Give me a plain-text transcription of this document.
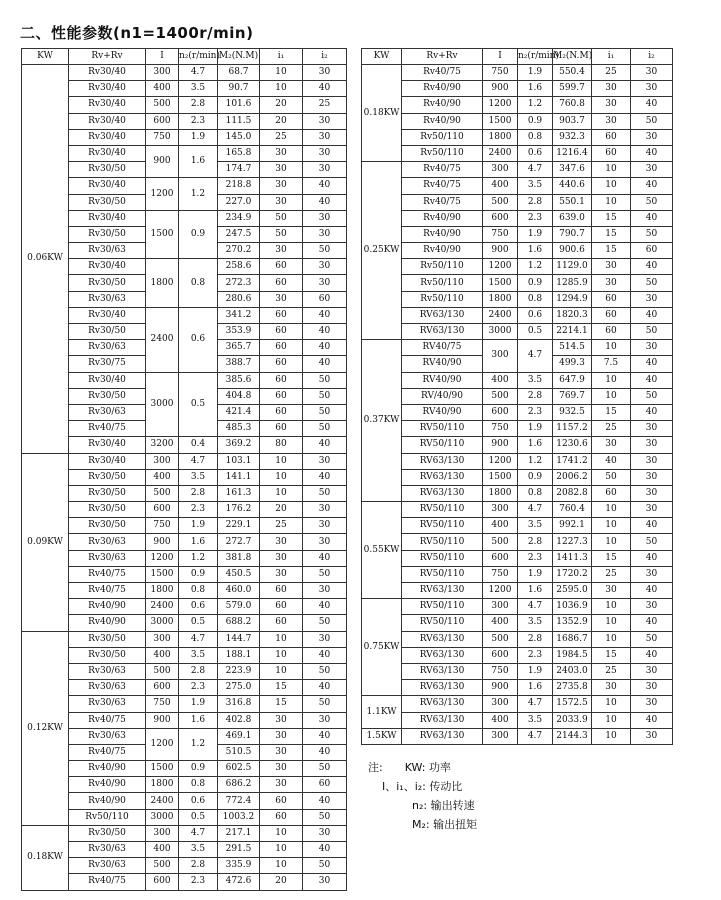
二、性能参数(n1=1400r/min)
KW	Rv+Rv	I	n₂(r/min)	M₂(N.M)	i₁	i₂
0.06KW	Rv30/40	300	4.7	68.7	10	30
	Rv30/40	400	3.5	90.7	10	40
	Rv30/40	500	2.8	101.6	20	25
	Rv30/40	600	2.3	111.5	20	30
	Rv30/40	750	1.9	145.0	25	30
	Rv30/40	900	1.6	165.8	30	30
	Rv30/50			174.7	30	30
	Rv30/40	1200	1.2	218.8	30	40
	Rv30/50			227.0	30	40
	Rv30/40	1500	0.9	234.9	50	30
	Rv30/50			247.5	50	30
	Rv30/63			270.2	30	50
	Rv30/40	1800	0.8	258.6	60	30
	Rv30/50			272.3	60	30
	Rv30/63			280.6	30	60
	Rv30/40	2400	0.6	341.2	60	40
	Rv30/50			353.9	60	40
	Rv30/63			365.7	60	40
	Rv30/75			388.7	60	40
	Rv30/40	3000	0.5	385.6	60	50
	Rv30/50			404.8	60	50
	Rv30/63			421.4	60	50
	Rv40/75			485.3	60	50
	Rv30/40	3200	0.4	369.2	80	40
0.09KW	Rv30/40	300	4.7	103.1	10	30
	Rv30/50	400	3.5	141.1	10	40
	Rv30/50	500	2.8	161.3	10	50
	Rv30/50	600	2.3	176.2	20	30
	Rv30/50	750	1.9	229.1	25	30
	Rv30/63	900	1.6	272.7	30	30
	Rv30/63	1200	1.2	381.8	30	40
	Rv40/75	1500	0.9	450.5	30	50
	Rv40/75	1800	0.8	460.0	60	30
	Rv40/90	2400	0.6	579.0	60	40
	Rv40/90	3000	0.5	688.2	60	50
0.12KW	Rv30/50	300	4.7	144.7	10	30
	Rv30/50	400	3.5	188.1	10	40
	Rv30/63	500	2.8	223.9	10	50
	Rv30/63	600	2.3	275.0	15	40
	Rv30/63	750	1.9	316.8	15	50
	Rv40/75	900	1.6	402.8	30	30
	Rv30/63	1200	1.2	469.1	30	40
	Rv40/75			510.5	30	40
	Rv40/90	1500	0.9	602.5	30	50
	Rv40/90	1800	0.8	686.2	30	60
	Rv40/90	2400	0.6	772.4	60	40
	Rv50/110	3000	0.5	1003.2	60	50
0.18KW	Rv30/50	300	4.7	217.1	10	30
	Rv30/63	400	3.5	291.5	10	40
	Rv30/63	500	2.8	335.9	10	50
	Rv40/75	600	2.3	472.6	20	30
KW	Rv+Rv	I	n₂(r/min)	M₂(N.M)	i₁	i₂
0.18KW	Rv40/75	750	1.9	550.4	25	30
	Rv40/90	900	1.6	599.7	30	30
	Rv40/90	1200	1.2	760.8	30	40
	Rv40/90	1500	0.9	903.7	30	50
	Rv50/110	1800	0.8	932.3	60	30
	Rv50/110	2400	0.6	1216.4	60	40
0.25KW	Rv40/75	300	4.7	347.6	10	30
	Rv40/75	400	3.5	440.6	10	40
	Rv40/75	500	2.8	550.1	10	50
	Rv40/90	600	2.3	639.0	15	40
	Rv40/90	750	1.9	790.7	15	50
	Rv40/90	900	1.6	900.6	15	60
	Rv50/110	1200	1.2	1129.0	30	40
	Rv50/110	1500	0.9	1285.9	30	50
	Rv50/110	1800	0.8	1294.9	60	30
	RV63/130	2400	0.6	1820.3	60	40
	RV63/130	3000	0.5	2214.1	60	50
0.37KW	RV40/75	300	4.7	514.5	10	30
	RV40/90			499.3	7.5	40
	RV40/90	400	3.5	647.9	10	40
	RV/40/90	500	2.8	769.7	10	50
	RV40/90	600	2.3	932.5	15	40
	RV50/110	750	1.9	1157.2	25	30
	RV50/110	900	1.6	1230.6	30	30
	RV63/130	1200	1.2	1741.2	40	30
	RV63/130	1500	0.9	2006.2	50	30
	RV63/130	1800	0.8	2082.8	60	30
0.55KW	RV50/110	300	4.7	760.4	10	30
	RV50/110	400	3.5	992.1	10	40
	RV50/110	500	2.8	1227.3	10	50
	RV50/110	600	2.3	1411.3	15	40
	RV50/110	750	1.9	1720.2	25	30
	RV63/130	1200	1.6	2595.0	30	40
0.75KW	RV50/110	300	4.7	1036.9	10	30
	RV50/110	400	3.5	1352.9	10	40
	RV63/130	500	2.8	1686.7	10	50
	RV63/130	600	2.3	1984.5	15	40
	RV63/130	750	1.9	2403.0	25	30
	RV63/130	900	1.6	2735.8	30	30
1.1KW	RV63/130	300	4.7	1572.5	10	30
	RV63/130	400	3.5	2033.9	10	40
1.5KW	RV63/130	300	4.7	2144.3	10	30
注:　　KW: 功率
I、i₁、i₂: 传动比
n₂: 输出转速
M₂: 输出扭矩
